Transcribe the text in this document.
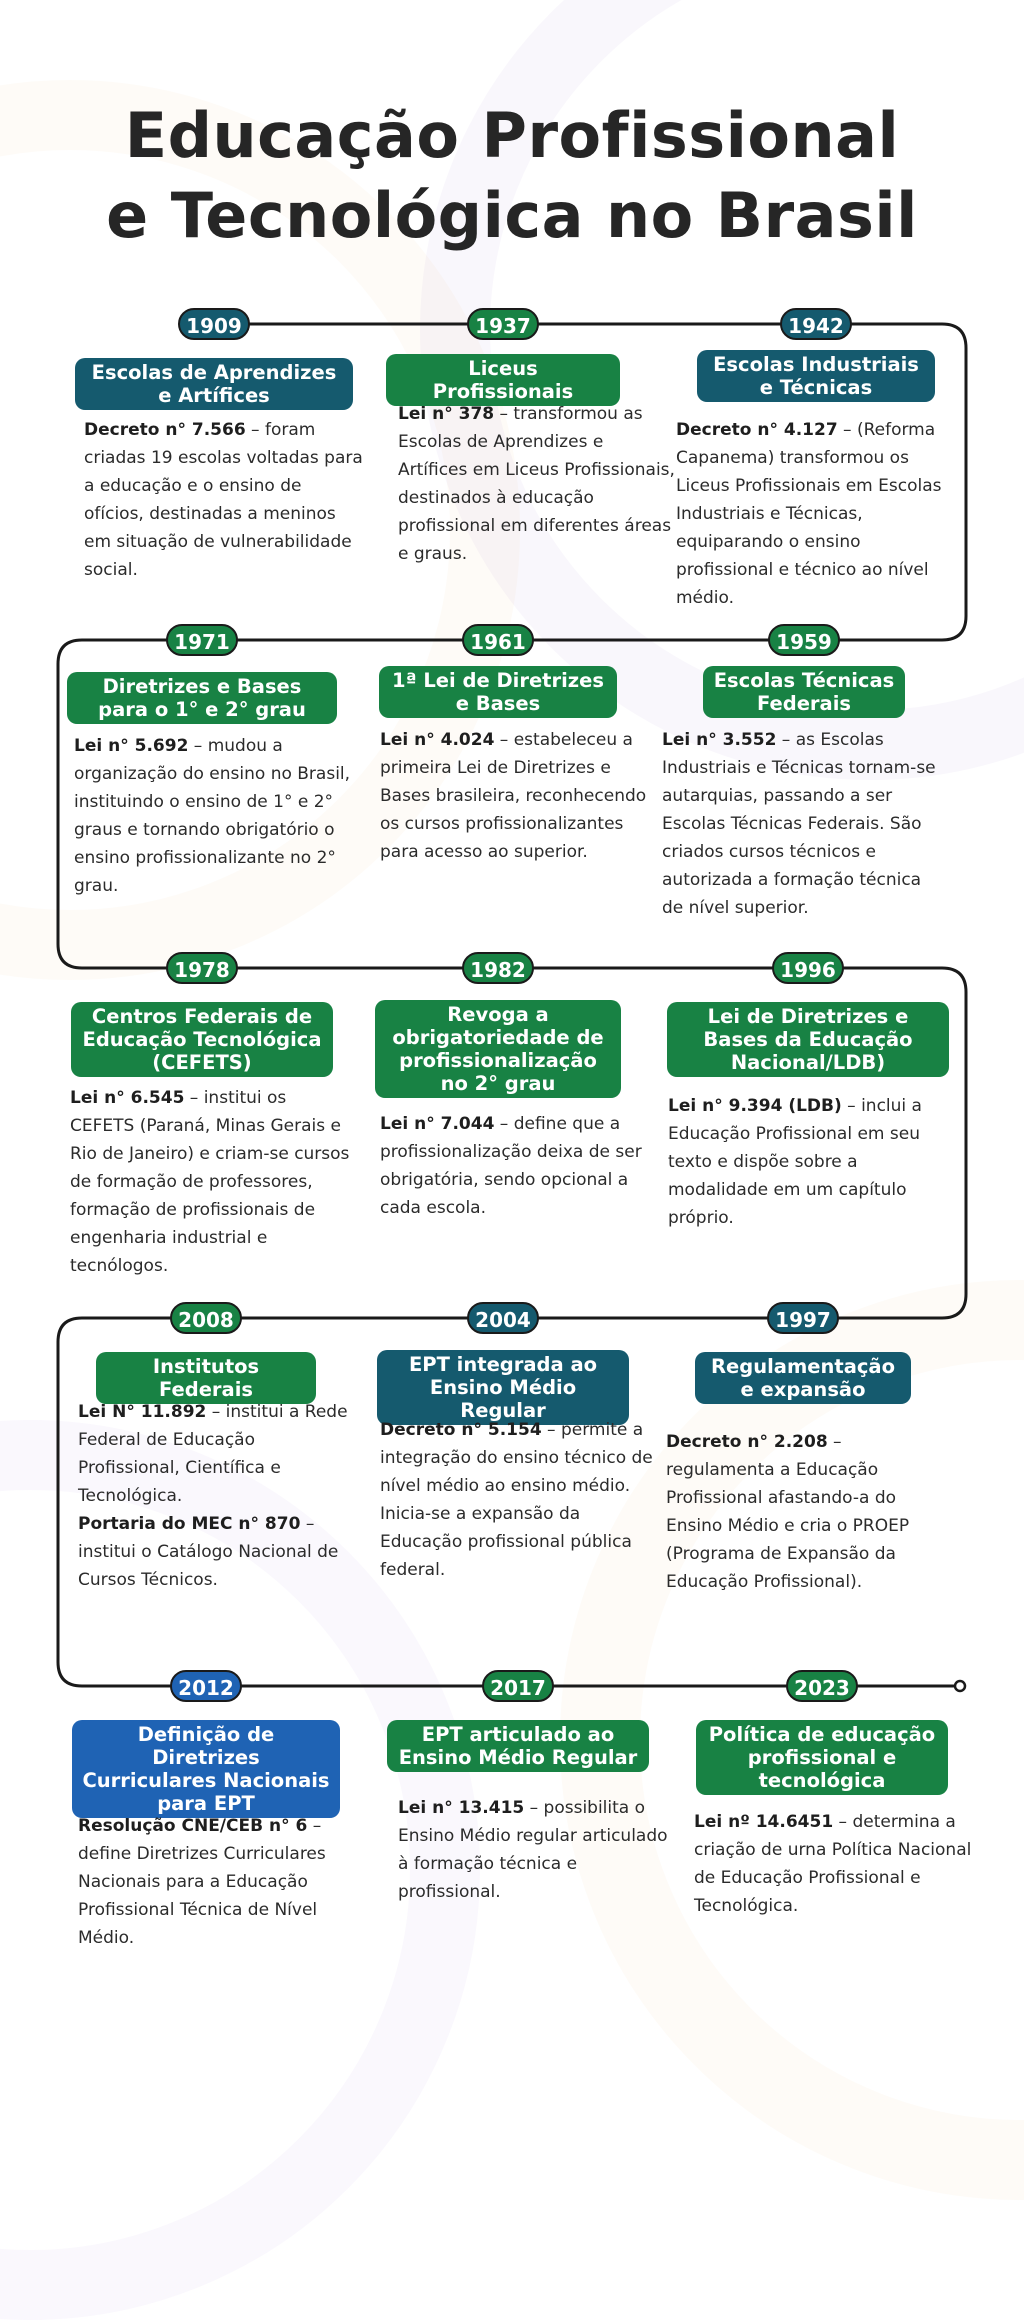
Educação Profissional
e Tecnológica no Brasil
1909
Escolas de Aprendizes e Artífices

Decreto n° 7.566 – foram criadas 19 escolas voltadas para a educação e o ensino de ofícios, destinadas a meninos em situação de vulnerabilidade social.

1937
Liceus Profissionais

Lei n° 378 – transformou as Escolas de Aprendizes e Artífices em Liceus Profissionais, destinados à educação profissional em diferentes áreas e graus.

1942
Escolas Industriais e Técnicas

Decreto n° 4.127 – (Reforma Capanema) transformou os Liceus Profissionais em Escolas Industriais e Técnicas, equiparando o ensino profissional e técnico ao nível médio.

1971
Diretrizes e Bases para o 1° e 2° grau

Lei n° 5.692 – mudou a organização do ensino no Brasil, instituindo o ensino de 1° e 2° graus e tornando obrigatório o ensino profissionalizante no 2° grau.

1961
1ª Lei de Diretrizes e Bases

Lei n° 4.024 – estabeleceu a primeira Lei de Diretrizes e Bases brasileira, reconhecendo os cursos profissionalizantes para acesso ao superior.

1959
Escolas Técnicas Federais

Lei n° 3.552 – as Escolas Industriais e Técnicas tornam-se autarquias, passando a ser Escolas Técnicas Federais. São criados cursos técnicos e autorizada a formação técnica de nível superior.

1978
Centros Federais de Educação Tecnológica (CEFETS)

Lei n° 6.545 – institui os CEFETS (Paraná, Minas Gerais e Rio de Janeiro) e criam-se cursos de formação de professores, formação de profissionais de engenharia industrial e tecnólogos.

1982
Revoga a obrigatoriedade de profissionalização no 2° grau

Lei n° 7.044 – define que a profissionalização deixa de ser obrigatória, sendo opcional a cada escola.

1996
Lei de Diretrizes e Bases da Educação Nacional/LDB)

Lei n° 9.394 (LDB) – inclui a Educação Profissional em seu texto e dispõe sobre a modalidade em um capítulo próprio.

2008
Institutos Federais

Lei N° 11.892 – institui a Rede Federal de Educação Profissional, Científica e Tecnológica.
Portaria do MEC n° 870 – institui o Catálogo Nacional de Cursos Técnicos.

2004
EPT integrada ao Ensino Médio Regular

Decreto n° 5.154 – permite a integração do ensino técnico de nível médio ao ensino médio. Inicia-se a expansão da Educação profissional pública federal.

1997
Regulamentação e expansão

Decreto n° 2.208 – regulamenta a Educação Profissional afastando-a do Ensino Médio e cria o PROEP (Programa de Expansão da Educação Profissional).

2012
Definição de Diretrizes Curriculares Nacionais para EPT

Resolução CNE/CEB n° 6 – define Diretrizes Curriculares Nacionais para a Educação Profissional Técnica de Nível Médio.

2017
EPT articulado ao Ensino Médio Regular

Lei n° 13.415 – possibilita o Ensino Médio regular articulado à formação técnica e profissional.

2023
Política de educação profissional e tecnológica

Lei nº 14.6451 – determina a criação de urna Política Nacional de Educação Profissional e Tecnológica.
